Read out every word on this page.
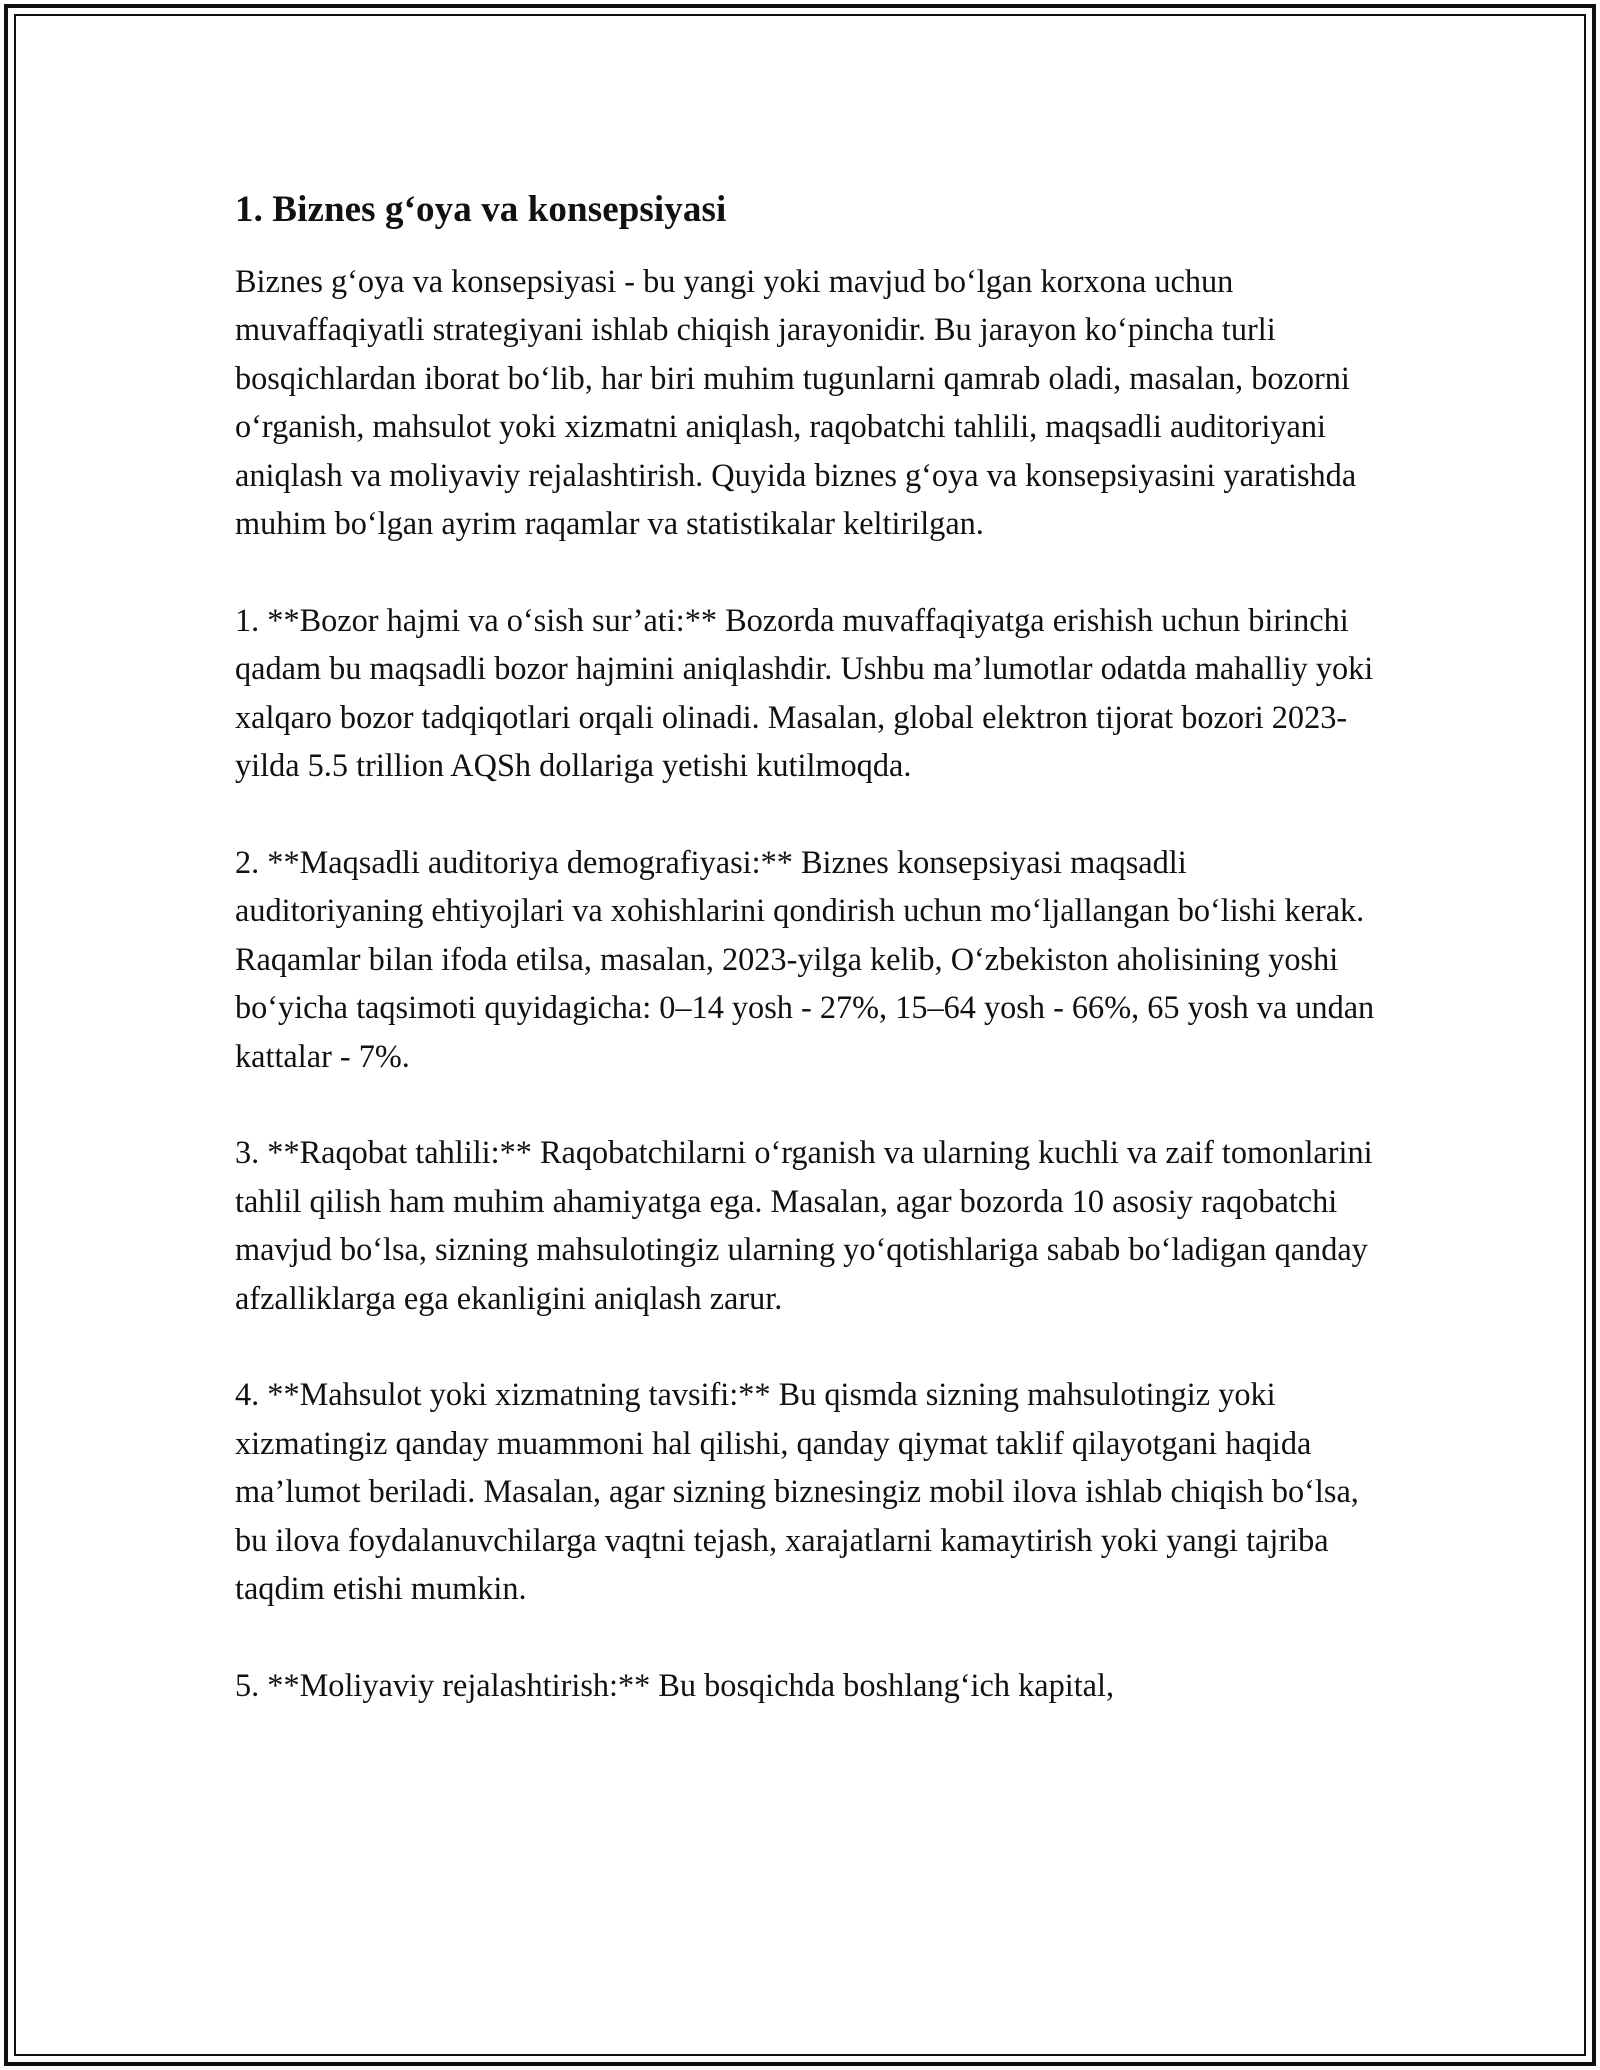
1. Biznes g‘oya va konsepsiyasi

Biznes g‘oya va konsepsiyasi - bu yangi yoki mavjud bo‘lgan korxona uchun muvaffaqiyatli strategiyani ishlab chiqish jarayonidir. Bu jarayon ko‘pincha turli bosqichlardan iborat bo‘lib, har biri muhim tugunlarni qamrab oladi, masalan, bozorni o‘rganish, mahsulot yoki xizmatni aniqlash, raqobatchi tahlili, maqsadli auditoriyani aniqlash va moliyaviy rejalashtirish. Quyida biznes g‘oya va konsepsiyasini yaratishda muhim bo‘lgan ayrim raqamlar va statistikalar keltirilgan.

1. **Bozor hajmi va o‘sish sur’ati:** Bozorda muvaffaqiyatga erishish uchun birinchi qadam bu maqsadli bozor hajmini aniqlashdir. Ushbu ma’lumotlar odatda mahalliy yoki xalqaro bozor tadqiqotlari orqali olinadi. Masalan, global elektron tijorat bozori 2023-yilda 5.5 trillion AQSh dollariga yetishi kutilmoqda.

2. **Maqsadli auditoriya demografiyasi:** Biznes konsepsiyasi maqsadli auditoriyaning ehtiyojlari va xohishlarini qondirish uchun mo‘ljallangan bo‘lishi kerak. Raqamlar bilan ifoda etilsa, masalan, 2023-yilga kelib, O‘zbekiston aholisining yoshi bo‘yicha taqsimoti quyidagicha: 0–14 yosh - 27%, 15–64 yosh - 66%, 65 yosh va undan kattalar - 7%.

3. **Raqobat tahlili:** Raqobatchilarni o‘rganish va ularning kuchli va zaif tomonlarini tahlil qilish ham muhim ahamiyatga ega. Masalan, agar bozorda 10 asosiy raqobatchi mavjud bo‘lsa, sizning mahsulotingiz ularning yo‘qotishlariga sabab bo‘ladigan qanday afzalliklarga ega ekanligini aniqlash zarur.

4. **Mahsulot yoki xizmatning tavsifi:** Bu qismda sizning mahsulotingiz yoki xizmatingiz qanday muammoni hal qilishi, qanday qiymat taklif qilayotgani haqida ma’lumot beriladi. Masalan, agar sizning biznesingiz mobil ilova ishlab chiqish bo‘lsa, bu ilova foydalanuvchilarga vaqtni tejash, xarajatlarni kamaytirish yoki yangi tajriba taqdim etishi mumkin.

5. **Moliyaviy rejalashtirish:** Bu bosqichda boshlang‘ich kapital,
